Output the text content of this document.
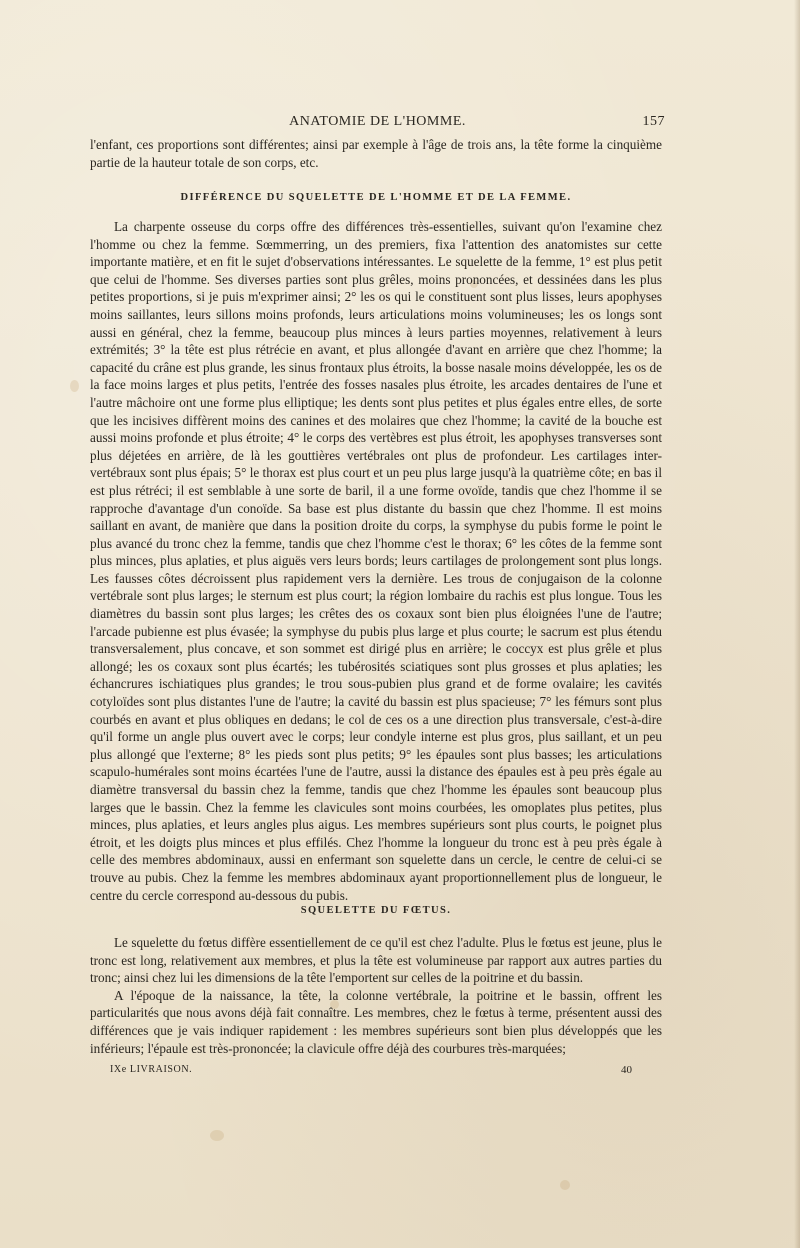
ANATOMIE DE L'HOMME.	157

l'enfant, ces proportions sont différentes; ainsi par exemple à l'âge de trois ans, la tête forme la cinquième partie de la hauteur totale de son corps, etc.

DIFFÉRENCE DU SQUELETTE DE L'HOMME ET DE LA FEMME.

La charpente osseuse du corps offre des différences très-essentielles, suivant qu'on l'examine chez l'homme ou chez la femme. Sœmmerring, un des premiers, fixa l'attention des anatomistes sur cette importante matière, et en fit le sujet d'observations intéressantes. Le squelette de la femme, 1° est plus petit que celui de l'homme. Ses diverses parties sont plus grêles, moins prononcées, et dessinées dans les plus petites proportions, si je puis m'exprimer ainsi; 2° les os qui le constituent sont plus lisses, leurs apophyses moins saillantes, leurs sillons moins profonds, leurs articulations moins volumineuses; les os longs sont aussi en général, chez la femme, beaucoup plus minces à leurs parties moyennes, relativement à leurs extrémités; 3° la tête est plus rétrécie en avant, et plus allongée d'avant en arrière que chez l'homme; la capacité du crâne est plus grande, les sinus frontaux plus étroits, la bosse nasale moins développée, les os de la face moins larges et plus petits, l'entrée des fosses nasales plus étroite, les arcades dentaires de l'une et l'autre mâchoire ont une forme plus elliptique; les dents sont plus petites et plus égales entre elles, de sorte que les incisives diffèrent moins des canines et des molaires que chez l'homme; la cavité de la bouche est aussi moins profonde et plus étroite; 4° le corps des vertèbres est plus étroit, les apophyses transverses sont plus déjetées en arrière, de là les gouttières vertébrales ont plus de profondeur. Les cartilages inter-vertébraux sont plus épais; 5° le thorax est plus court et un peu plus large jusqu'à la quatrième côte; en bas il est plus rétréci; il est semblable à une sorte de baril, il a une forme ovoïde, tandis que chez l'homme il se rapproche d'avantage d'un conoïde. Sa base est plus distante du bassin que chez l'homme. Il est moins saillant en avant, de manière que dans la position droite du corps, la symphyse du pubis forme le point le plus avancé du tronc chez la femme, tandis que chez l'homme c'est le thorax; 6° les côtes de la femme sont plus minces, plus aplaties, et plus aiguës vers leurs bords; leurs cartilages de prolongement sont plus longs. Les fausses côtes décroissent plus rapidement vers la dernière. Les trous de conjugaison de la colonne vertébrale sont plus larges; le sternum est plus court; la région lombaire du rachis est plus longue. Tous les diamètres du bassin sont plus larges; les crêtes des os coxaux sont bien plus éloignées l'une de l'autre; l'arcade pubienne est plus évasée; la symphyse du pubis plus large et plus courte; le sacrum est plus étendu transversalement, plus concave, et son sommet est dirigé plus en arrière; le coccyx est plus grêle et plus allongé; les os coxaux sont plus écartés; les tubérosités sciatiques sont plus grosses et plus aplaties; les échancrures ischiatiques plus grandes; le trou sous-pubien plus grand et de forme ovalaire; les cavités cotyloïdes sont plus distantes l'une de l'autre; la cavité du bassin est plus spacieuse; 7° les fémurs sont plus courbés en avant et plus obliques en dedans; le col de ces os a une direction plus transversale, c'est-à-dire qu'il forme un angle plus ouvert avec le corps; leur condyle interne est plus gros, plus saillant, et un peu plus allongé que l'externe; 8° les pieds sont plus petits; 9° les épaules sont plus basses; les articulations scapulo-humérales sont moins écartées l'une de l'autre, aussi la distance des épaules est à peu près égale au diamètre transversal du bassin chez la femme, tandis que chez l'homme les épaules sont beaucoup plus larges que le bassin. Chez la femme les clavicules sont moins courbées, les omoplates plus petites, plus minces, plus aplaties, et leurs angles plus aigus. Les membres supérieurs sont plus courts, le poignet plus étroit, et les doigts plus minces et plus effilés. Chez l'homme la longueur du tronc est à peu près égale à celle des membres abdominaux, aussi en enfermant son squelette dans un cercle, le centre de celui-ci se trouve au pubis. Chez la femme les membres abdominaux ayant proportionnellement plus de longueur, le centre du cercle correspond au-dessous du pubis.

SQUELETTE DU FŒTUS.

Le squelette du fœtus diffère essentiellement de ce qu'il est chez l'adulte. Plus le fœtus est jeune, plus le tronc est long, relativement aux membres, et plus la tête est volumineuse par rapport aux autres parties du tronc; ainsi chez lui les dimensions de la tête l'emportent sur celles de la poitrine et du bassin.

A l'époque de la naissance, la tête, la colonne vertébrale, la poitrine et le bassin, offrent les particularités que nous avons déjà fait connaître. Les membres, chez le fœtus à terme, présentent aussi des différences que je vais indiquer rapidement : les membres supérieurs sont bien plus développés que les inférieurs; l'épaule est très-prononcée; la clavicule offre déjà des courbures très-marquées;

IXe LIVRAISON.	40
